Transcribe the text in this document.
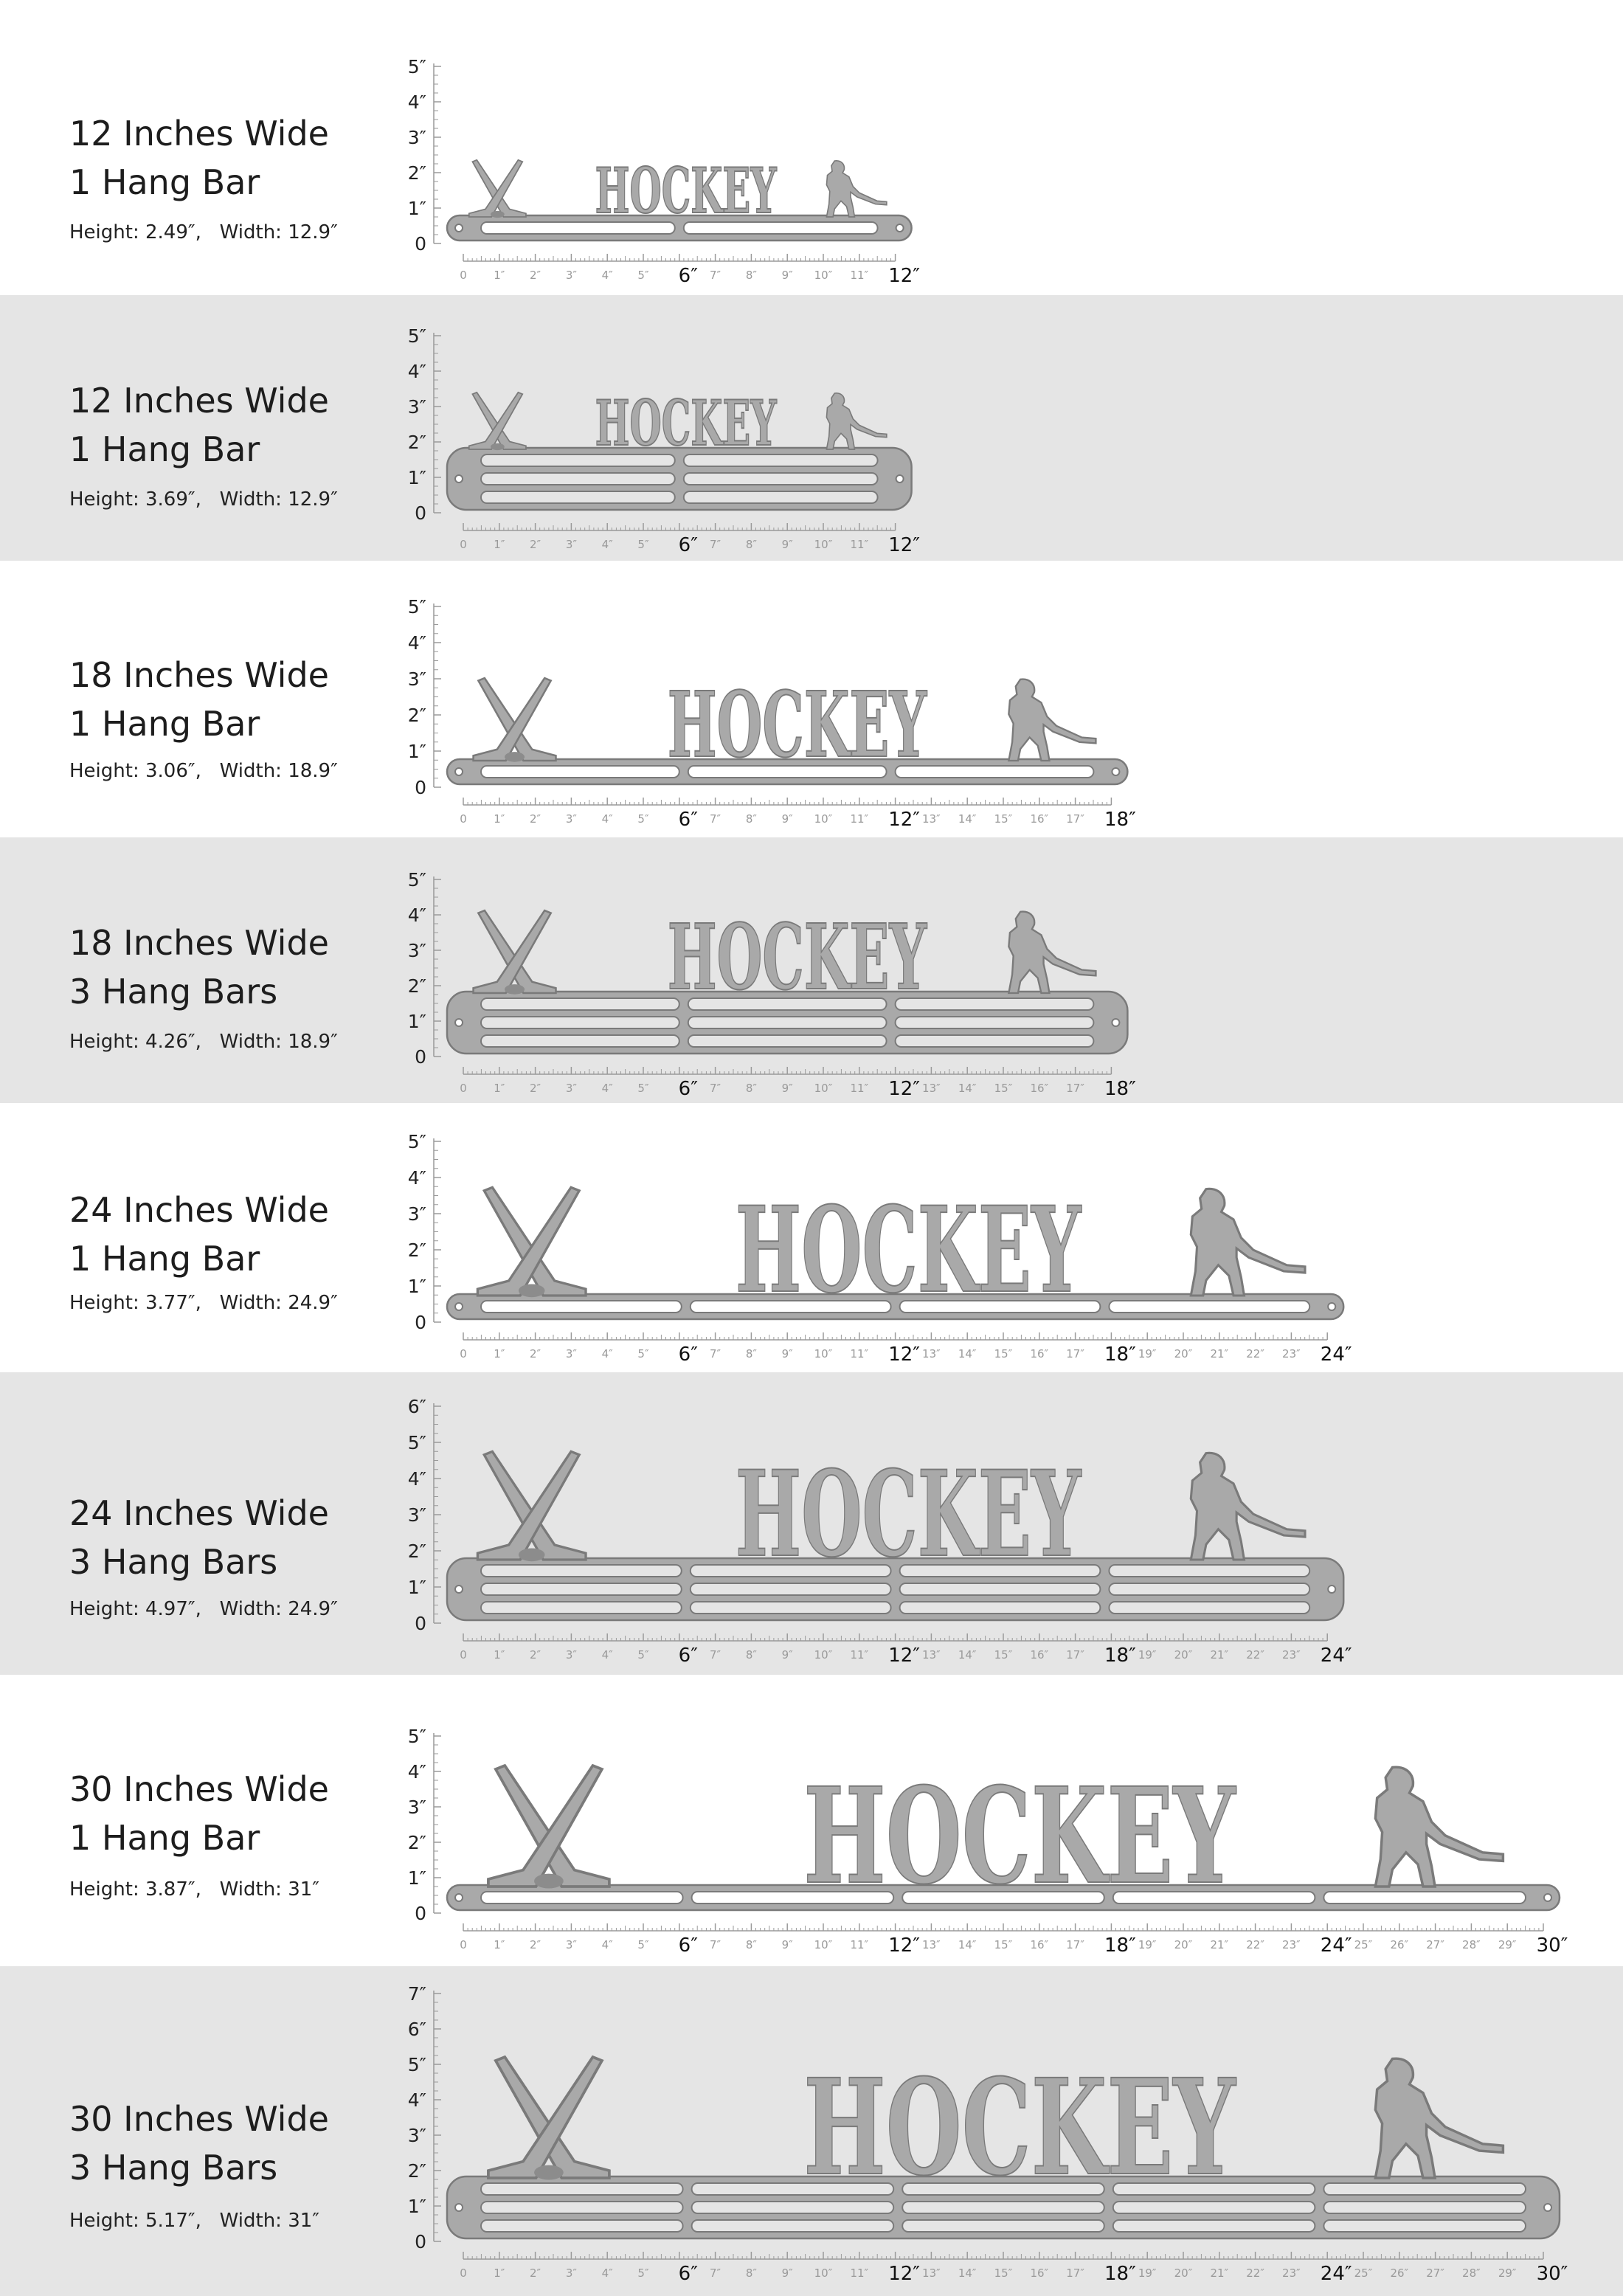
12 Inches Wide
1 Hang Bar
Height: 2.49″,   Width: 12.9″
12 Inches Wide
1 Hang Bar
Height: 3.69″,   Width: 12.9″
18 Inches Wide
1 Hang Bar
Height: 3.06″,   Width: 18.9″
18 Inches Wide
3 Hang Bars
Height: 4.26″,   Width: 18.9″
24 Inches Wide
1 Hang Bar
Height: 3.77″,   Width: 24.9″
24 Inches Wide
3 Hang Bars
Height: 4.97″,   Width: 24.9″
30 Inches Wide
1 Hang Bar
Height: 3.87″,   Width: 31″
30 Inches Wide
3 Hang Bars
Height: 5.17″,   Width: 31″
0
1″
2″
3″
4″
5″
0 1″ 2″ 3″ 4″ 5″ 6″ 7″ 8″ 9″ 10″ 11″ 12″
HOCKEY
0
1″
2″
3″
4″
5″
0 1″ 2″ 3″ 4″ 5″ 6″ 7″ 8″ 9″ 10″ 11″ 12″
HOCKEY
0
1″
2″
3″
4″
5″
0 1″ 2″ 3″ 4″ 5″ 6″ 7″ 8″ 9″ 10″ 11″ 12″ 13″ 14″ 15″ 16″ 17″ 18″
HOCKEY
0
1″
2″
3″
4″
5″
0 1″ 2″ 3″ 4″ 5″ 6″ 7″ 8″ 9″ 10″ 11″ 12″ 13″ 14″ 15″ 16″ 17″ 18″
HOCKEY
0
1″
2″
3″
4″
5″
0 1″ 2″ 3″ 4″ 5″ 6″ 7″ 8″ 9″ 10″ 11″ 12″ 13″ 14″ 15″ 16″ 17″ 18″ 19″ 20″ 21″ 22″ 23″ 24″
HOCKEY
0
1″
2″
3″
4″
5″
6″
0 1″ 2″ 3″ 4″ 5″ 6″ 7″ 8″ 9″ 10″ 11″ 12″ 13″ 14″ 15″ 16″ 17″ 18″ 19″ 20″ 21″ 22″ 23″ 24″
HOCKEY
0
1″
2″
3″
4″
5″
0 1″ 2″ 3″ 4″ 5″ 6″ 7″ 8″ 9″ 10″ 11″ 12″ 13″ 14″ 15″ 16″ 17″ 18″ 19″ 20″ 21″ 22″ 23″ 24″ 25″ 26″ 27″ 28″ 29″ 30″
HOCKEY
0
1″
2″
3″
4″
5″
6″
7″
0 1″ 2″ 3″ 4″ 5″ 6″ 7″ 8″ 9″ 10″ 11″ 12″ 13″ 14″ 15″ 16″ 17″ 18″ 19″ 20″ 21″ 22″ 23″ 24″ 25″ 26″ 27″ 28″ 29″ 30″
HOCKEY
